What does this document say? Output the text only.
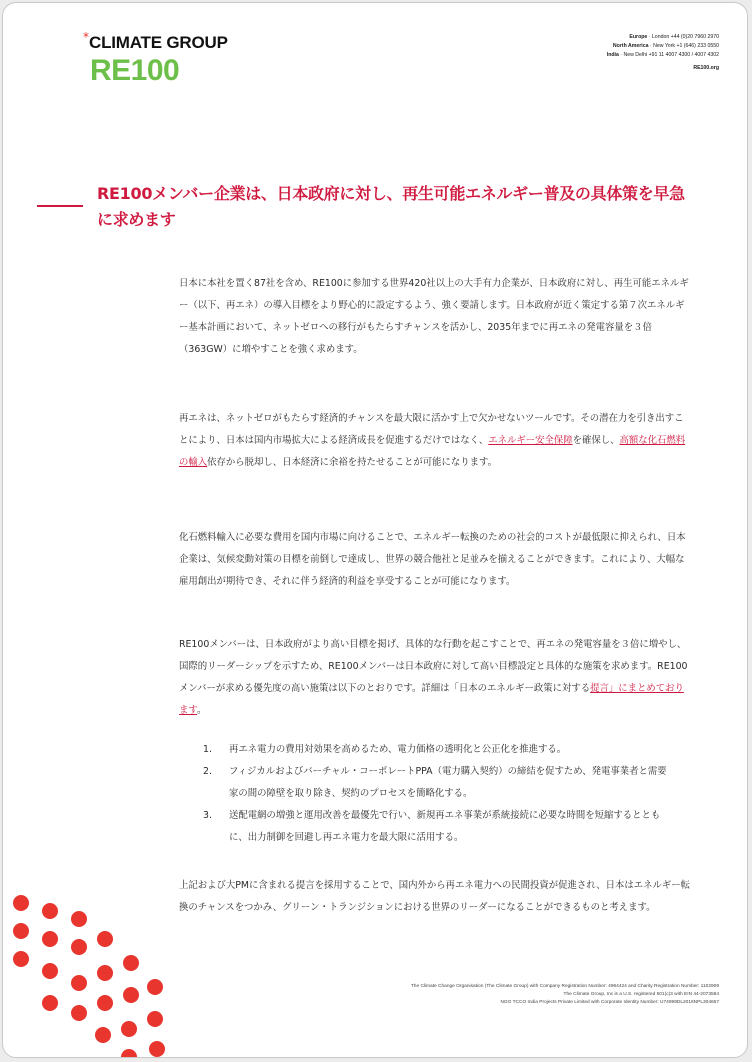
* CLIMATE GROUP
RE100
Europe · London +44 (0)20 7960 2970
North America · New York +1 (646) 233 0550
India · New Delhi +91 11 4007 4300 / 4007 4302
RE100.org
RE100メンバー企業は、日本政府に対し、再生可能エネルギー普及の具体策を早急に求めます

日本に本社を置く87社を含め、RE100に参加する世界420社以上の大手有力企業が、日本政府に対し、再生可能エネルギー（以下、再エネ）の導入目標をより野心的に設定するよう、強く要請します。日本政府が近く策定する第７次エネルギー基本計画において、ネットゼロへの移行がもたらすチャンスを活かし、2035年までに再エネの発電容量を３倍（363GW）に増やすことを強く求めます。

再エネは、ネットゼロがもたらす経済的チャンスを最大限に活かす上で欠かせないツールです。その潜在力を引き出すことにより、日本は国内市場拡大による経済成長を促進するだけではなく、エネルギー安全保障を確保し、高額な化石燃料の輸入依存から脱却し、日本経済に余裕を持たせることが可能になります。

化石燃料輸入に必要な費用を国内市場に向けることで、エネルギー転換のための社会的コストが最低限に抑えられ、日本企業は、気候変動対策の目標を前倒しで達成し、世界の競合他社と足並みを揃えることができます。これにより、大幅な雇用創出が期待でき、それに伴う経済的利益を享受することが可能になります。

RE100メンバーは、日本政府がより高い目標を掲げ、具体的な行動を起こすことで、再エネの発電容量を３倍に増やし、国際的リーダーシップを示すため、RE100メンバーは日本政府に対して高い目標設定と具体的な施策を求めます。RE100メンバーが求める優先度の高い施策は以下のとおりです。詳細は「日本のエネルギー政策に対する提言」にまとめております。

1. 再エネ電力の費用対効果を高めるため、電力価格の透明化と公正化を推進する。
2. フィジカルおよびバーチャル・コーポレートPPA（電力購入契約）の締結を促すため、発電事業者と需要家の間の障壁を取り除き、契約のプロセスを簡略化する。
3. 送配電網の増強と運用改善を最優先で行い、新規再エネ事業が系統接続に必要な時間を短縮するとともに、出力制御を回避し再エネ電力を最大限に活用する。

上記および大PMに含まれる提言を採用することで、国内外から再エネ電力への民間投資が促進され、日本はエネルギー転換のチャンスをつかみ、グリーン・トランジションにおける世界のリーダーになることができるものと考えます。

The Climate Change Organisation (The Climate Group) with Company Registration Number: 4964424 and Charity Registration Number: 1102909
The Climate Group, Inc is a U.S. registered 501(c)3 with EIN 44-2073584
NGO TCCO India Projects Private Limited with Corporate Identity Number: U74999DL2016NPL304657
